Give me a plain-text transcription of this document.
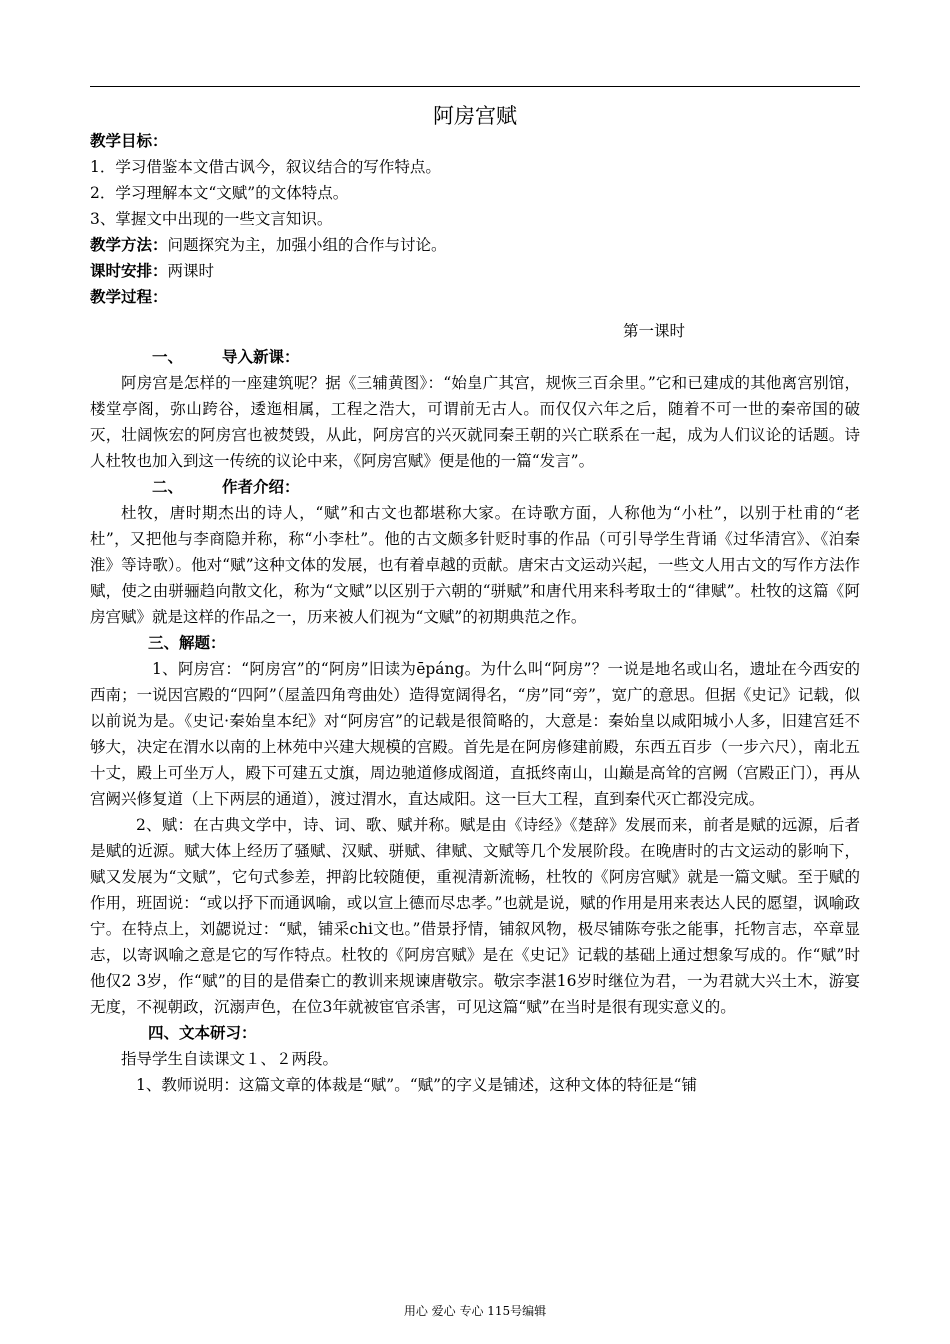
阿房宫赋
教学目标：
1．学习借鉴本文借古讽今，叙议结合的写作特点。
2．学习理解本文“文赋”的文体特点。
3、掌握文中出现的一些文言知识。
教学方法：问题探究为主，加强小组的合作与讨论。
课时安排：两课时
教学过程：
第一课时
一、	导入新课：
阿房宫是怎样的一座建筑呢？据《三辅黄图》：“始皇广其宫，规恢三百余里。”它和已建成的其他离宫别馆，楼堂亭阁，弥山跨谷，逶迤相属，工程之浩大，可谓前无古人。而仅仅六年之后，随着不可一世的秦帝国的破灭，壮阔恢宏的阿房宫也被焚毁，从此，阿房宫的兴灭就同秦王朝的兴亡联系在一起，成为人们议论的话题。诗人杜牧也加入到这一传统的议论中来，《阿房宫赋》便是他的一篇“发言”。
二、	作者介绍：
杜牧，唐时期杰出的诗人，“赋”和古文也都堪称大家。在诗歌方面，人称他为“小杜”，以别于杜甫的“老杜”，又把他与李商隐并称，称“小李杜”。他的古文颇多针贬时事的作品（可引导学生背诵《过华清宫》、《泊秦淮》等诗歌）。他对“赋”这种文体的发展，也有着卓越的贡献。唐宋古文运动兴起，一些文人用古文的写作方法作赋，使之由骈骊趋向散文化，称为“文赋”以区别于六朝的“骈赋”和唐代用来科考取士的“律赋”。杜牧的这篇《阿房宫赋》就是这样的作品之一，历来被人们视为“文赋”的初期典范之作。
三、解题：
1、阿房宫：“阿房宫”的“阿房”旧读为ēpáng。为什么叫“阿房”？一说是地名或山名，遗址在今西安的西南；一说因宫殿的“四阿”（屋盖四角弯曲处）造得宽阔得名，“房”同“旁”，宽广的意思。但据《史记》记载，似以前说为是。《史记·秦始皇本纪》对“阿房宫”的记载是很简略的，大意是：秦始皇以咸阳城小人多，旧建宫廷不够大，决定在渭水以南的上林苑中兴建大规模的宫殿。首先是在阿房修建前殿，东西五百步（一步六尺），南北五十丈，殿上可坐万人，殿下可建五丈旗，周边驰道修成阁道，直抵终南山，山巅是高耸的宫阙（宫殿正门），再从宫阙兴修复道（上下两层的通道），渡过渭水，直达咸阳。这一巨大工程，直到秦代灭亡都没完成。
2、赋：在古典文学中，诗、词、歌、赋并称。赋是由《诗经》《楚辞》发展而来，前者是赋的远源，后者是赋的近源。赋大体上经历了骚赋、汉赋、骈赋、律赋、文赋等几个发展阶段。在晚唐时的古文运动的影响下，赋又发展为“文赋”，它句式参差，押韵比较随便，重视清新流畅，杜牧的《阿房宫赋》就是一篇文赋。至于赋的作用，班固说：“或以抒下而通讽喻，或以宣上德而尽忠孝。”也就是说，赋的作用是用来表达人民的愿望，讽喻政宁。在特点上，刘勰说过：“赋，铺采chi文也。”借景抒情，铺叙风物，极尽铺陈夸张之能事，托物言志，卒章显志，以寄讽喻之意是它的写作特点。杜牧的《阿房宫赋》是在《史记》记载的基础上通过想象写成的。作“赋”时他仅2 3岁，作“赋”的目的是借秦亡的教训来规谏唐敬宗。敬宗李湛16岁时继位为君，一为君就大兴土木，游宴无度，不视朝政，沉溺声色，在位3年就被宦官杀害，可见这篇“赋”在当时是很有现实意义的。
四、文本研习：
指导学生自读课文１、２两段。
1、教师说明：这篇文章的体裁是“赋”。“赋”的字义是铺述，这种文体的特征是“铺
用心 爱心 专心 115号编辑
